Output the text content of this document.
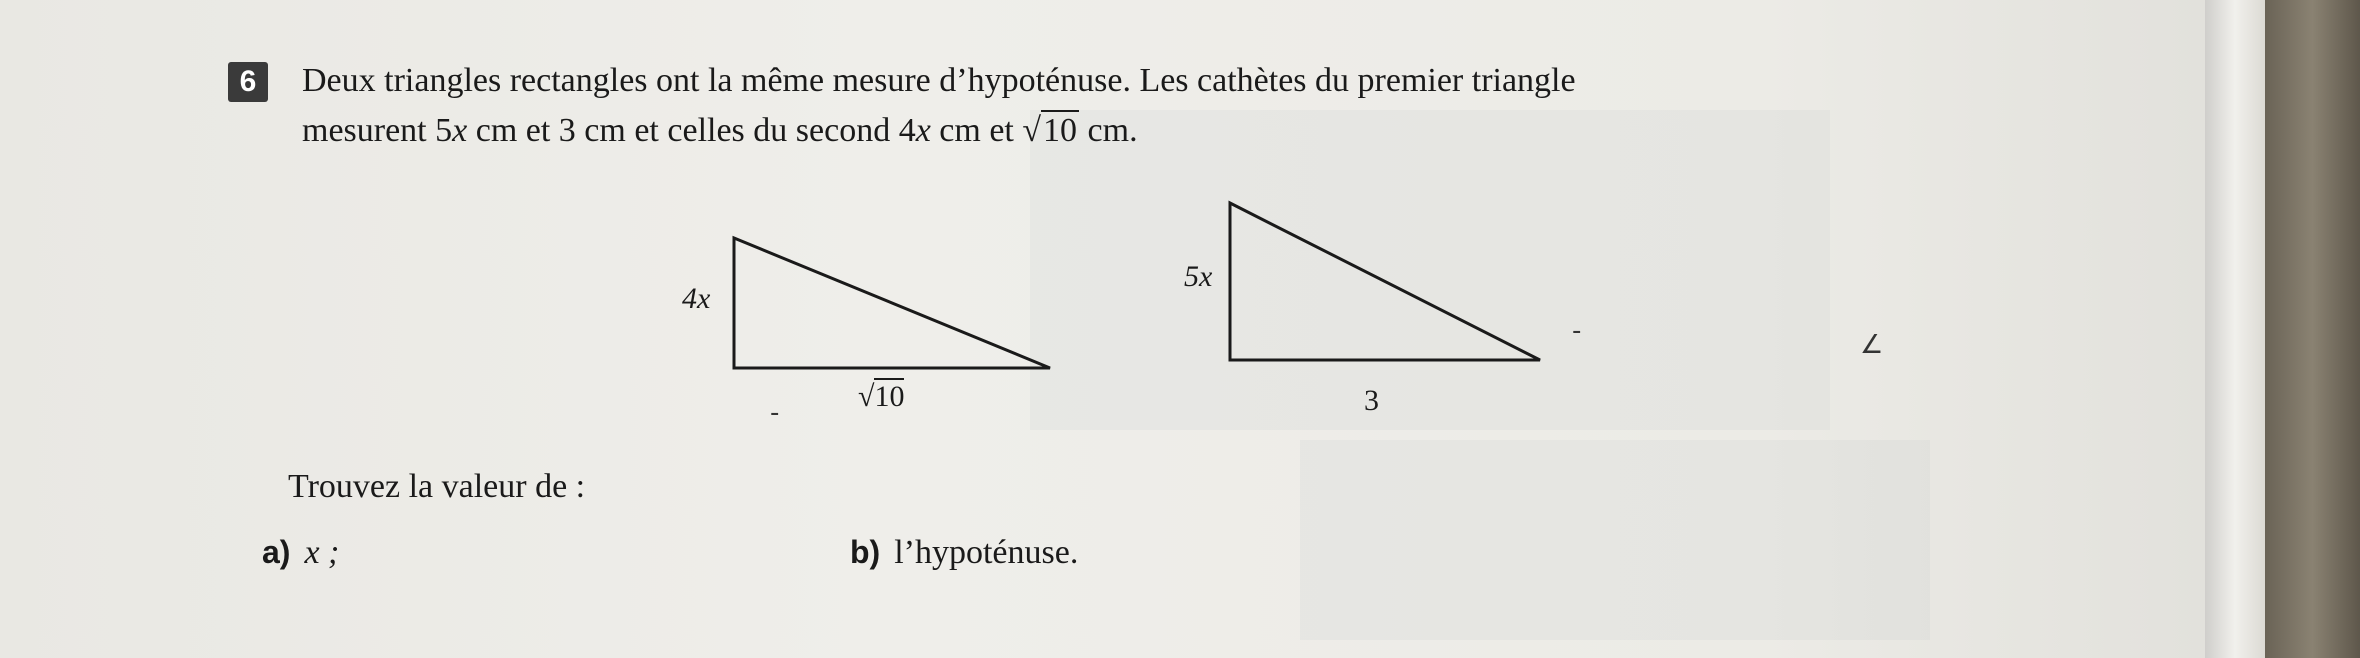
6	Deux triangles rectangles ont la même mesure d’hypoténuse. Les cathètes du premier triangle
mesurent 5x cm et 3 cm et celles du second 4x cm et √10 cm.
4x
√10
5x
3
Trouvez la valeur de :
a) x ;	b) l’hypoténuse.
∠
-
-
